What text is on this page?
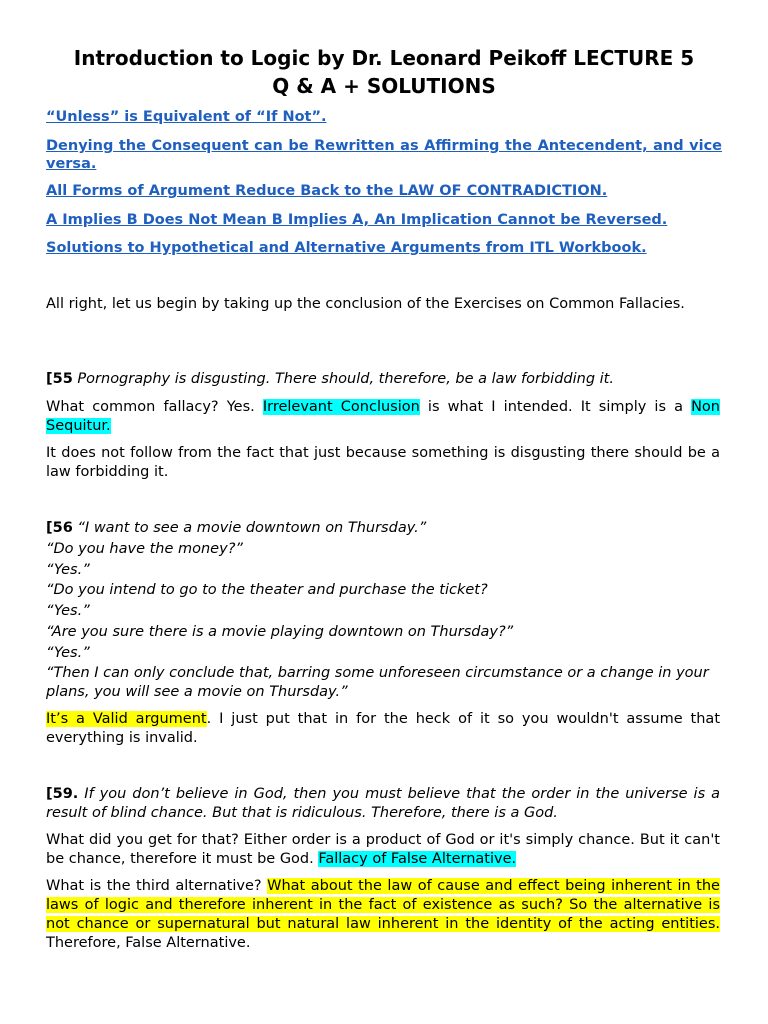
Introduction to Logic by Dr. Leonard Peikoff LECTURE 5
Q & A + SOLUTIONS
“Unless” is Equivalent of “If Not”.
Denying the Consequent can be Rewritten as Affirming the Antecendent, and vice versa.
All Forms of Argument Reduce Back to the LAW OF CONTRADICTION.
A Implies B Does Not Mean B Implies A, An Implication Cannot be Reversed.
Solutions to Hypothetical and Alternative Arguments from ITL Workbook.

All right, let us begin by taking up the conclusion of the Exercises on Common Fallacies.

[55 Pornography is disgusting. There should, therefore, be a law forbidding it.

What common fallacy? Yes. Irrelevant Conclusion is what I intended. It simply is a Non Sequitur.

It does not follow from the fact that just because something is disgusting there should be a law forbidding it.

[56 “I want to see a movie downtown on Thursday.”
“Do you have the money?”
“Yes.”
“Do you intend to go to the theater and purchase the ticket?
“Yes.”
“Are you sure there is a movie playing downtown on Thursday?”
“Yes.”
“Then I can only conclude that, barring some unforeseen circumstance or a change in your plans, you will see a movie on Thursday.”

It’s a Valid argument. I just put that in for the heck of it so you wouldn't assume that everything is invalid.

[59. If you don’t believe in God, then you must believe that the order in the universe is a result of blind chance. But that is ridiculous. Therefore, there is a God.

What did you get for that? Either order is a product of God or it's simply chance. But it can't be chance, therefore it must be God. Fallacy of False Alternative.

What is the third alternative? What about the law of cause and effect being inherent in the laws of logic and therefore inherent in the fact of existence as such? So the alternative is not chance or supernatural but natural law inherent in the identity of the acting entities. Therefore, False Alternative.
